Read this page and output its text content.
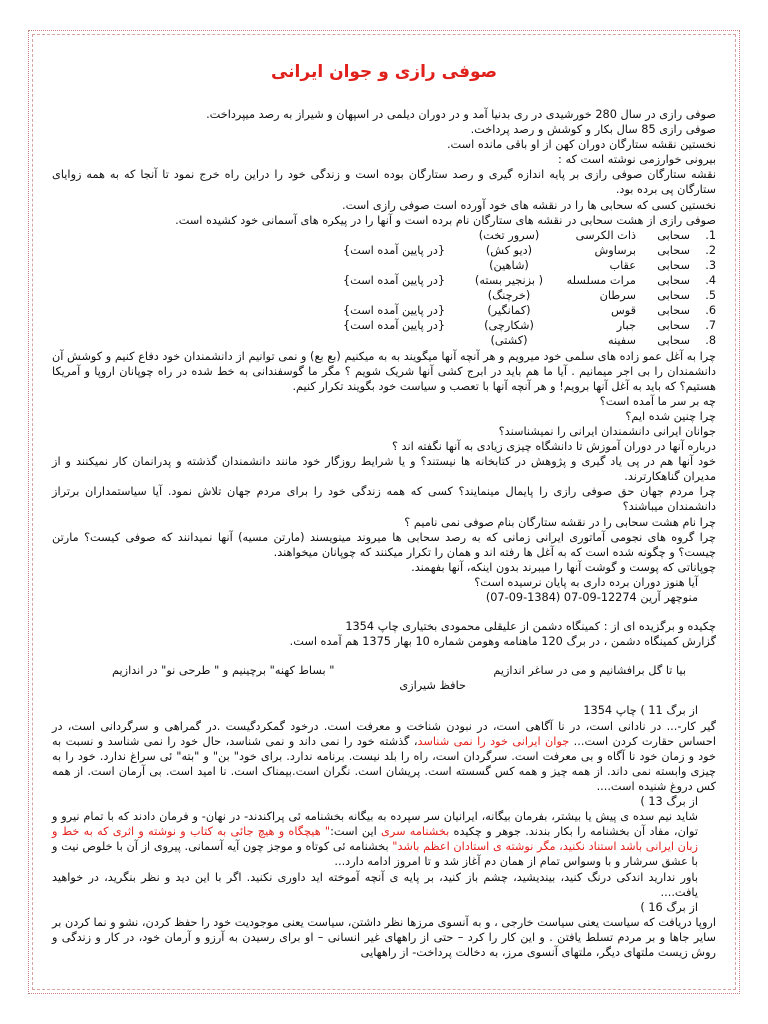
صوفی رازی و جوان ایرانی

صوفی رازی در سال 280 خورشیدی در ری بدنیا آمد و در دوران دیلمی در اسپهان و شیراز به رصد میپرداخت.

صوفی رازی 85 سال بکار و کوشش و رصد پرداخت.

نخستین نقشه ستارگان دوران کهن از او باقی مانده است.

بیرونی خوارزمی نوشته است که :

نقشه ستارگان صوفی رازی بر پایه اندازه گیری و رصد ستارگان بوده است و زندگی خود را دراین راه خرج نمود تا آنجا که به همه زوایای ستارگان پی برده بود.

نخستین کسی که سحابی ها را در نقشه های خود آورده است صوفی رازی است.

صوفی رازی از هشت سحابی در نقشه های ستارگان نام برده است و آنها را در پیکره های آسمانی خود کشیده است.

1.
سحابی
ذات الکرسی
(سرور تخت)
2.
سحابی
برساوش
(دیو کش)
{در پایین آمده است}
3.
سحابی
عقاب
(شاهین)
4.
سحابی
مرات مسلسله
( بزنجیر بسته)
{در پایین آمده است}
5.
سحابی
سرطان
(خرچنگ)
6.
سحابی
قوس
(کمانگیر)
{در پایین آمده است}
7.
سحابی
جبار
(شکارچی)
{در پایین آمده است}
8.
سحابی
سفینه
(کشتی)

چرا به آغل عمو زاده های سلمی خود میرویم و هر آنچه آنها میگویند به به میکنیم (بع بع) و نمی توانیم از دانشمندان خود دفاع کنیم و کوشش آن دانشمندان را بی اجر میمانیم . آیا ما هم باید در ابرج کشی آنها شریک شویم ؟ مگر ما گوسفندانی به خط شده در راه چوپانان اروپا و آمریکا هستیم؟ که باید به آغل آنها برویم! و هر آنچه آنها با تعصب و سیاست خود بگویند تکرار کنیم.

چه بر سر ما آمده است؟

چرا چنین شده ایم؟

جوانان ایرانی دانشمندان ایرانی را نمیشناسند؟

درباره آنها در دوران آموزش تا دانشگاه چیزی زیادی به آنها نگفته اند ؟

خود آنها هم در پی یاد گیری و پژوهش در کتابخانه ها نیستند؟ و یا شرایط روزگار خود مانند دانشمندان گذشته و پدرانمان کار نمیکنند و از مدیران گناهکارترند.

چرا مردم جهان حق صوفی رازی را پایمال مینمایند؟ کسی که همه زندگی خود را برای مردم جهان تلاش نمود. آیا سیاستمداران برتراز دانشمندان میباشند؟

چرا نام هشت سحابی را در نقشه ستارگان بنام صوفی نمی نامیم ؟

چرا گروه های نجومی آماتوری ایرانی زمانی که به رصد سحابی ها میروند مینویسند (مارتن مسیه) آنها نمیدانند که صوفی کیست؟ مارتن چیست؟ و چگونه شده است که به آغل ها رفته اند و همان را تکرار میکنند که چوپانان میخواهند.

چوپاناتی که پوست و گوشت آنها را میبرند بدون اینکه، آنها بفهمند.

آیا هنوز دوران برده داری به پایان نرسیده است؟

منوچهر آرین 12274-09-07 (1384-09-07)

چکیده و برگزیده ای از : کمینگاه دشمن از علیقلی محمودی بختیاری چاپ 1354

گزارش کمینگاه دشمن ، در برگ 120 ماهنامه وهومن شماره 10 بهار 1375 هم آمده است.

بیا تا گل برافشانیم و می در ساغر اندازیم
" بساط کهنه" برچینیم و " طرحی نو" در اندازیم

حافظ شیرازی

از برگ 11 ) چاپ 1354

گیر کار-... در نادانی است، در نا آگاهی است، در نبودن شناخت و معرفت است. درخود گمکردگیست .در گمراهی و سرگردانی است، در احساس حقارت کردن است... جوان ایرانی خود را نمی شناسد، گذشته خود را نمی داند و نمی شناسد، حال خود را نمی شناسد و نسبت به خود و زمان خود نا آگاه و بی معرفت است. سرگردان است، راه را بلد نیست. برنامه ندارد. برای خود" بن" و "بته" ئی سراغ ندارد. خود را به چیزی وابسته نمی داند. از همه چیز و همه کس گسسته است. پریشان است. نگران است.بیمناک است. نا امید است. بی آرمان است. از همه کس دروغ شنیده است....

از برگ 13 )

شاید نیم سده ی پیش یا بیشتر، بفرمان بیگانه، ایرانیان سر سپرده به بیگانه بخشنامه ئی پراکندند- در نهان- و فرمان دادند که با تمام نیرو و توان، مفاد آن بخشنامه را بکار بندند. جوهر و چکیده بخشنامه سری این است:" هیچگاه و هیچ جائی به کتاب و نوشته و اثری که به خط و زبان ایرانی باشد استناد نکنید، مگر نوشته ی استادان اعظم باشد" بخشنامه ئی کوتاه و موجز چون آیه آسمانی. پیروی از آن با خلوص نیت و با عشق سرشار و با وسواس تمام از همان دم آغاز شد و تا امروز ادامه دارد...

باور ندارید اندکی درنگ کنید، بیندیشید، چشم باز کنید، بر پایه ی آنچه آموخته اید داوری نکنید. اگر با این دید و نظر بنگرید، در خواهید یافت....

از برگ 16 )

اروپا دریافت که سیاست یعنی سیاست خارجی ، و به آنسوی مرزها نظر داشتن، سیاست یعنی موجودیت خود را حفظ کردن، نشو و نما کردن بر سایر جاها و بر مردم تسلط یافتن . و این کار را کرد – حتی از راههای غیر انسانی – او برای رسیدن به آرزو و آرمان خود، در کار و زندگی و روش زیست ملتهای دیگر، ملتهای آنسوی مرز، به دخالت پرداخت- از راههایی
